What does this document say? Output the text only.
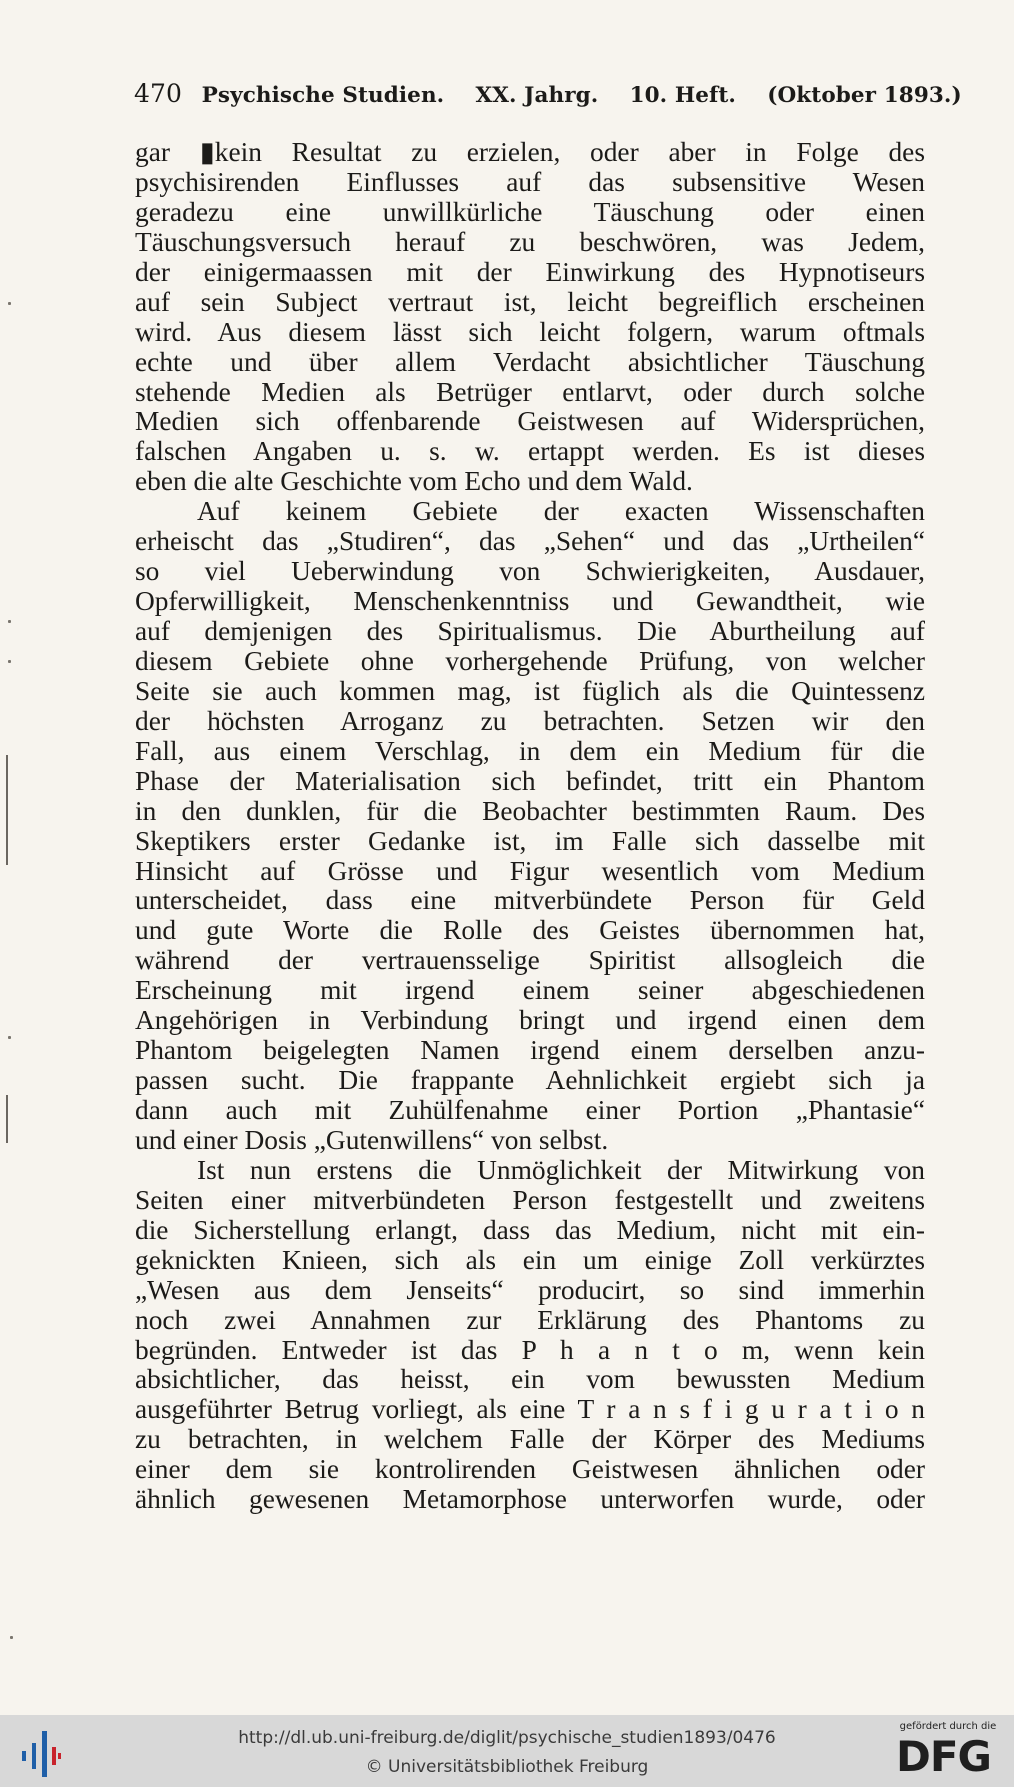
470 Psychische Studien. XX. Jahrg. 10. Heft. (Oktober 1893.)
gar ▮kein Resultat zu erzielen, oder aber in Folge des
psychisirenden Einflusses auf das subsensitive Wesen
geradezu eine unwillkürliche Täuschung oder einen
Täuschungsversuch herauf zu beschwören, was Jedem,
der einigermaassen mit der Einwirkung des Hypnotiseurs
auf sein Subject vertraut ist, leicht begreiflich erscheinen
wird. Aus diesem lässt sich leicht folgern, warum oftmals
echte und über allem Verdacht absichtlicher Täuschung
stehende Medien als Betrüger entlarvt, oder durch solche
Medien sich offenbarende Geistwesen auf Widersprüchen,
falschen Angaben u. s. w. ertappt werden. Es ist dieses
eben die alte Geschichte vom Echo und dem Wald.
Auf keinem Gebiete der exacten Wissenschaften
erheischt das „Studiren“, das „Sehen“ und das „Urtheilen“
so viel Ueberwindung von Schwierigkeiten, Ausdauer,
Opferwilligkeit, Menschenkenntniss und Gewandtheit, wie
auf demjenigen des Spiritualismus. Die Aburtheilung auf
diesem Gebiete ohne vorhergehende Prüfung, von welcher
Seite sie auch kommen mag, ist füglich als die Quintessenz
der höchsten Arroganz zu betrachten. Setzen wir den
Fall, aus einem Verschlag, in dem ein Medium für die
Phase der Materialisation sich befindet, tritt ein Phantom
in den dunklen, für die Beobachter bestimmten Raum. Des
Skeptikers erster Gedanke ist, im Falle sich dasselbe mit
Hinsicht auf Grösse und Figur wesentlich vom Medium
unterscheidet, dass eine mitverbündete Person für Geld
und gute Worte die Rolle des Geistes übernommen hat,
während der vertrauensselige Spiritist allsogleich die
Erscheinung mit irgend einem seiner abgeschiedenen
Angehörigen in Verbindung bringt und irgend einen dem
Phantom beigelegten Namen irgend einem derselben anzu-
passen sucht. Die frappante Aehnlichkeit ergiebt sich ja
dann auch mit Zuhülfenahme einer Portion „Phantasie“
und einer Dosis „Gutenwillens“ von selbst.
Ist nun erstens die Unmöglichkeit der Mitwirkung von
Seiten einer mitverbündeten Person festgestellt und zweitens
die Sicherstellung erlangt, dass das Medium, nicht mit ein-
geknickten Knieen, sich als ein um einige Zoll verkürztes
„Wesen aus dem Jenseits“ producirt, so sind immerhin
noch zwei Annahmen zur Erklärung des Phantoms zu
begründen. Entweder ist das P h a n t o m, wenn kein
absichtlicher, das heisst, ein vom bewussten Medium
ausgeführter Betrug vorliegt, als eine T r a n s f i g u r a t i o n
zu betrachten, in welchem Falle der Körper des Mediums
einer dem sie kontrolirenden Geistwesen ähnlichen oder
ähnlich gewesenen Metamorphose unterworfen wurde, oder
http://dl.ub.uni-freiburg.de/diglit/psychische_studien1893/0476
© Universitätsbibliothek Freiburg
gefördert durch die
DFG
